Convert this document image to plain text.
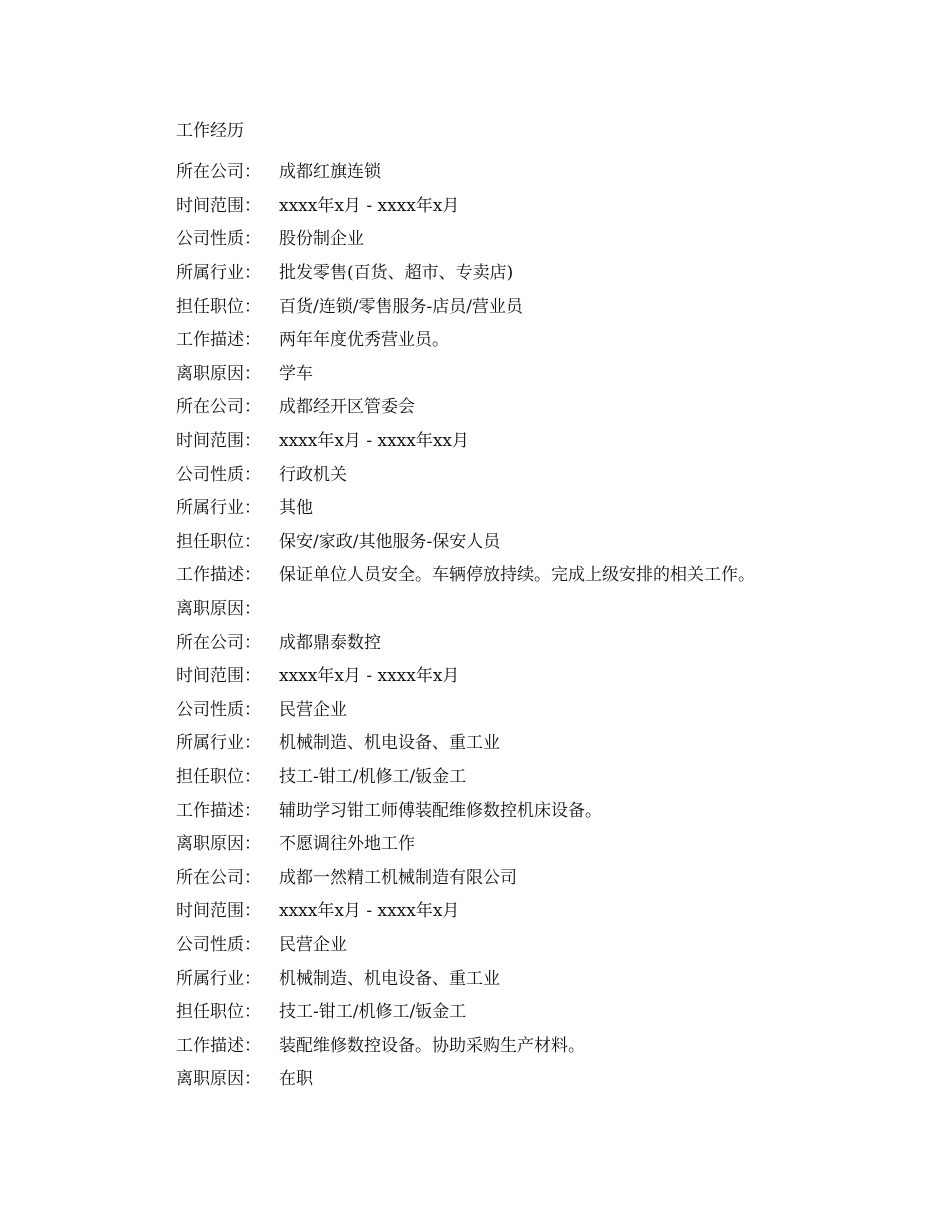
工作经历
所在公司：	成都红旗连锁
时间范围：	xxxx年x月 - xxxx年x月
公司性质：	股份制企业
所属行业：	批发零售(百货、超市、专卖店)
担任职位：	百货/连锁/零售服务-店员/营业员
工作描述：	两年年度优秀营业员。
离职原因：	学车
所在公司：	成都经开区管委会
时间范围：	xxxx年x月 - xxxx年xx月
公司性质：	行政机关
所属行业：	其他
担任职位：	保安/家政/其他服务-保安人员
工作描述：	保证单位人员安全。车辆停放持续。完成上级安排的相关工作。
离职原因：
所在公司：	成都鼎泰数控
时间范围：	xxxx年x月 - xxxx年x月
公司性质：	民营企业
所属行业：	机械制造、机电设备、重工业
担任职位：	技工-钳工/机修工/钣金工
工作描述：	辅助学习钳工师傅装配维修数控机床设备。
离职原因：	不愿调往外地工作
所在公司：	成都一然精工机械制造有限公司
时间范围：	xxxx年x月 - xxxx年x月
公司性质：	民营企业
所属行业：	机械制造、机电设备、重工业
担任职位：	技工-钳工/机修工/钣金工
工作描述：	装配维修数控设备。协助采购生产材料。
离职原因：	在职
